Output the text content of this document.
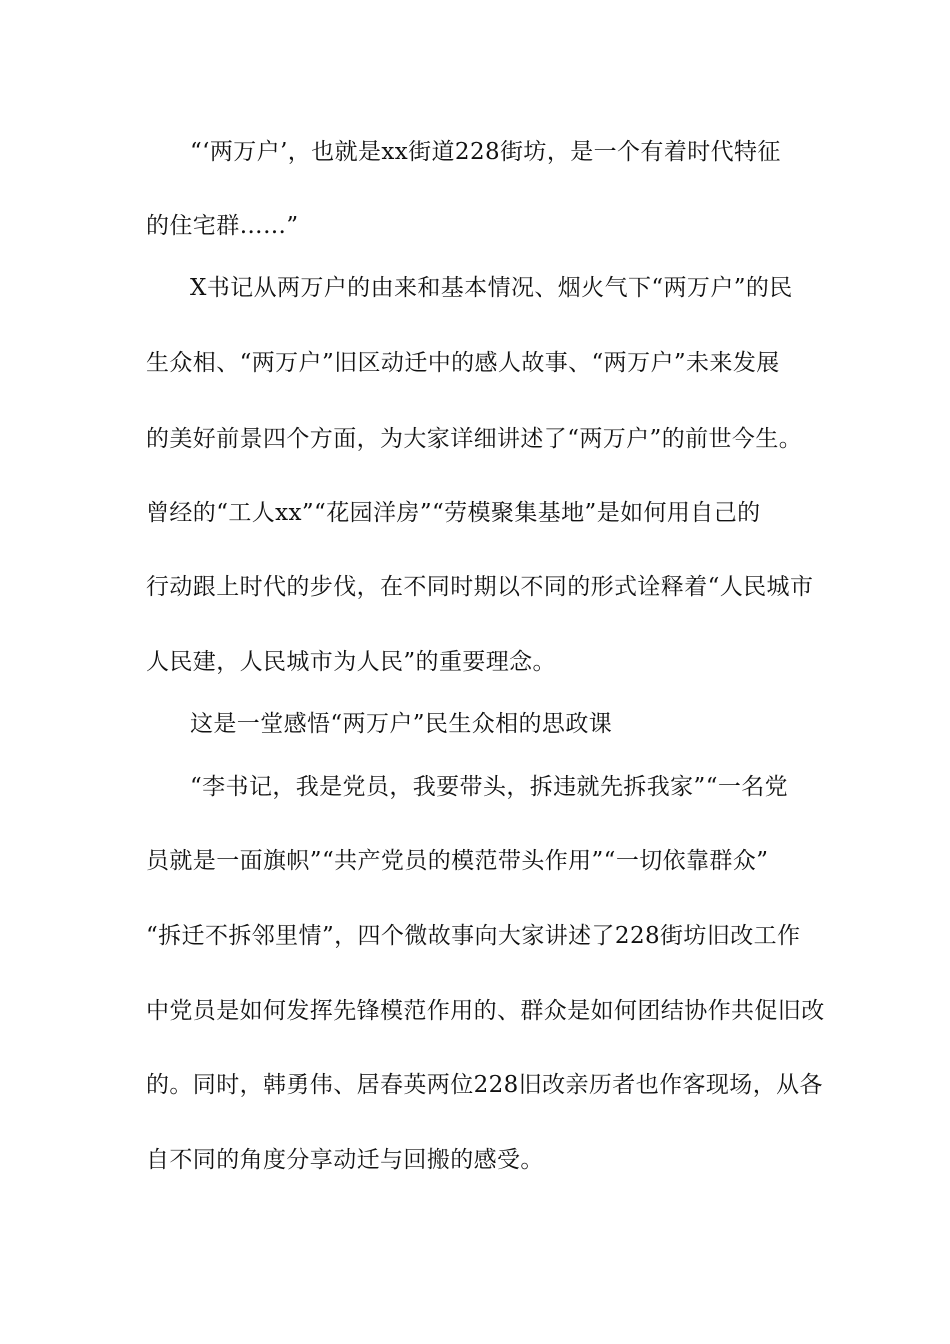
“‘两万户’，也就是xx街道228街坊，是一个有着时代特征
的住宅群……”
X书记从两万户的由来和基本情况、烟火气下“两万户”的民
生众相、“两万户”旧区动迁中的感人故事、“两万户”未来发展
的美好前景四个方面，为大家详细讲述了“两万户”的前世今生。
曾经的“工人xx”“花园洋房”“劳模聚集基地”是如何用自己的
行动跟上时代的步伐，在不同时期以不同的形式诠释着“人民城市
人民建，人民城市为人民”的重要理念。
这是一堂感悟“两万户”民生众相的思政课
“李书记，我是党员，我要带头，拆违就先拆我家”“一名党
员就是一面旗帜”“共产党员的模范带头作用”“一切依靠群众”
“拆迁不拆邻里情”，四个微故事向大家讲述了228街坊旧改工作
中党员是如何发挥先锋模范作用的、群众是如何团结协作共促旧改
的。同时，韩勇伟、居春英两位228旧改亲历者也作客现场，从各
自不同的角度分享动迁与回搬的感受。
